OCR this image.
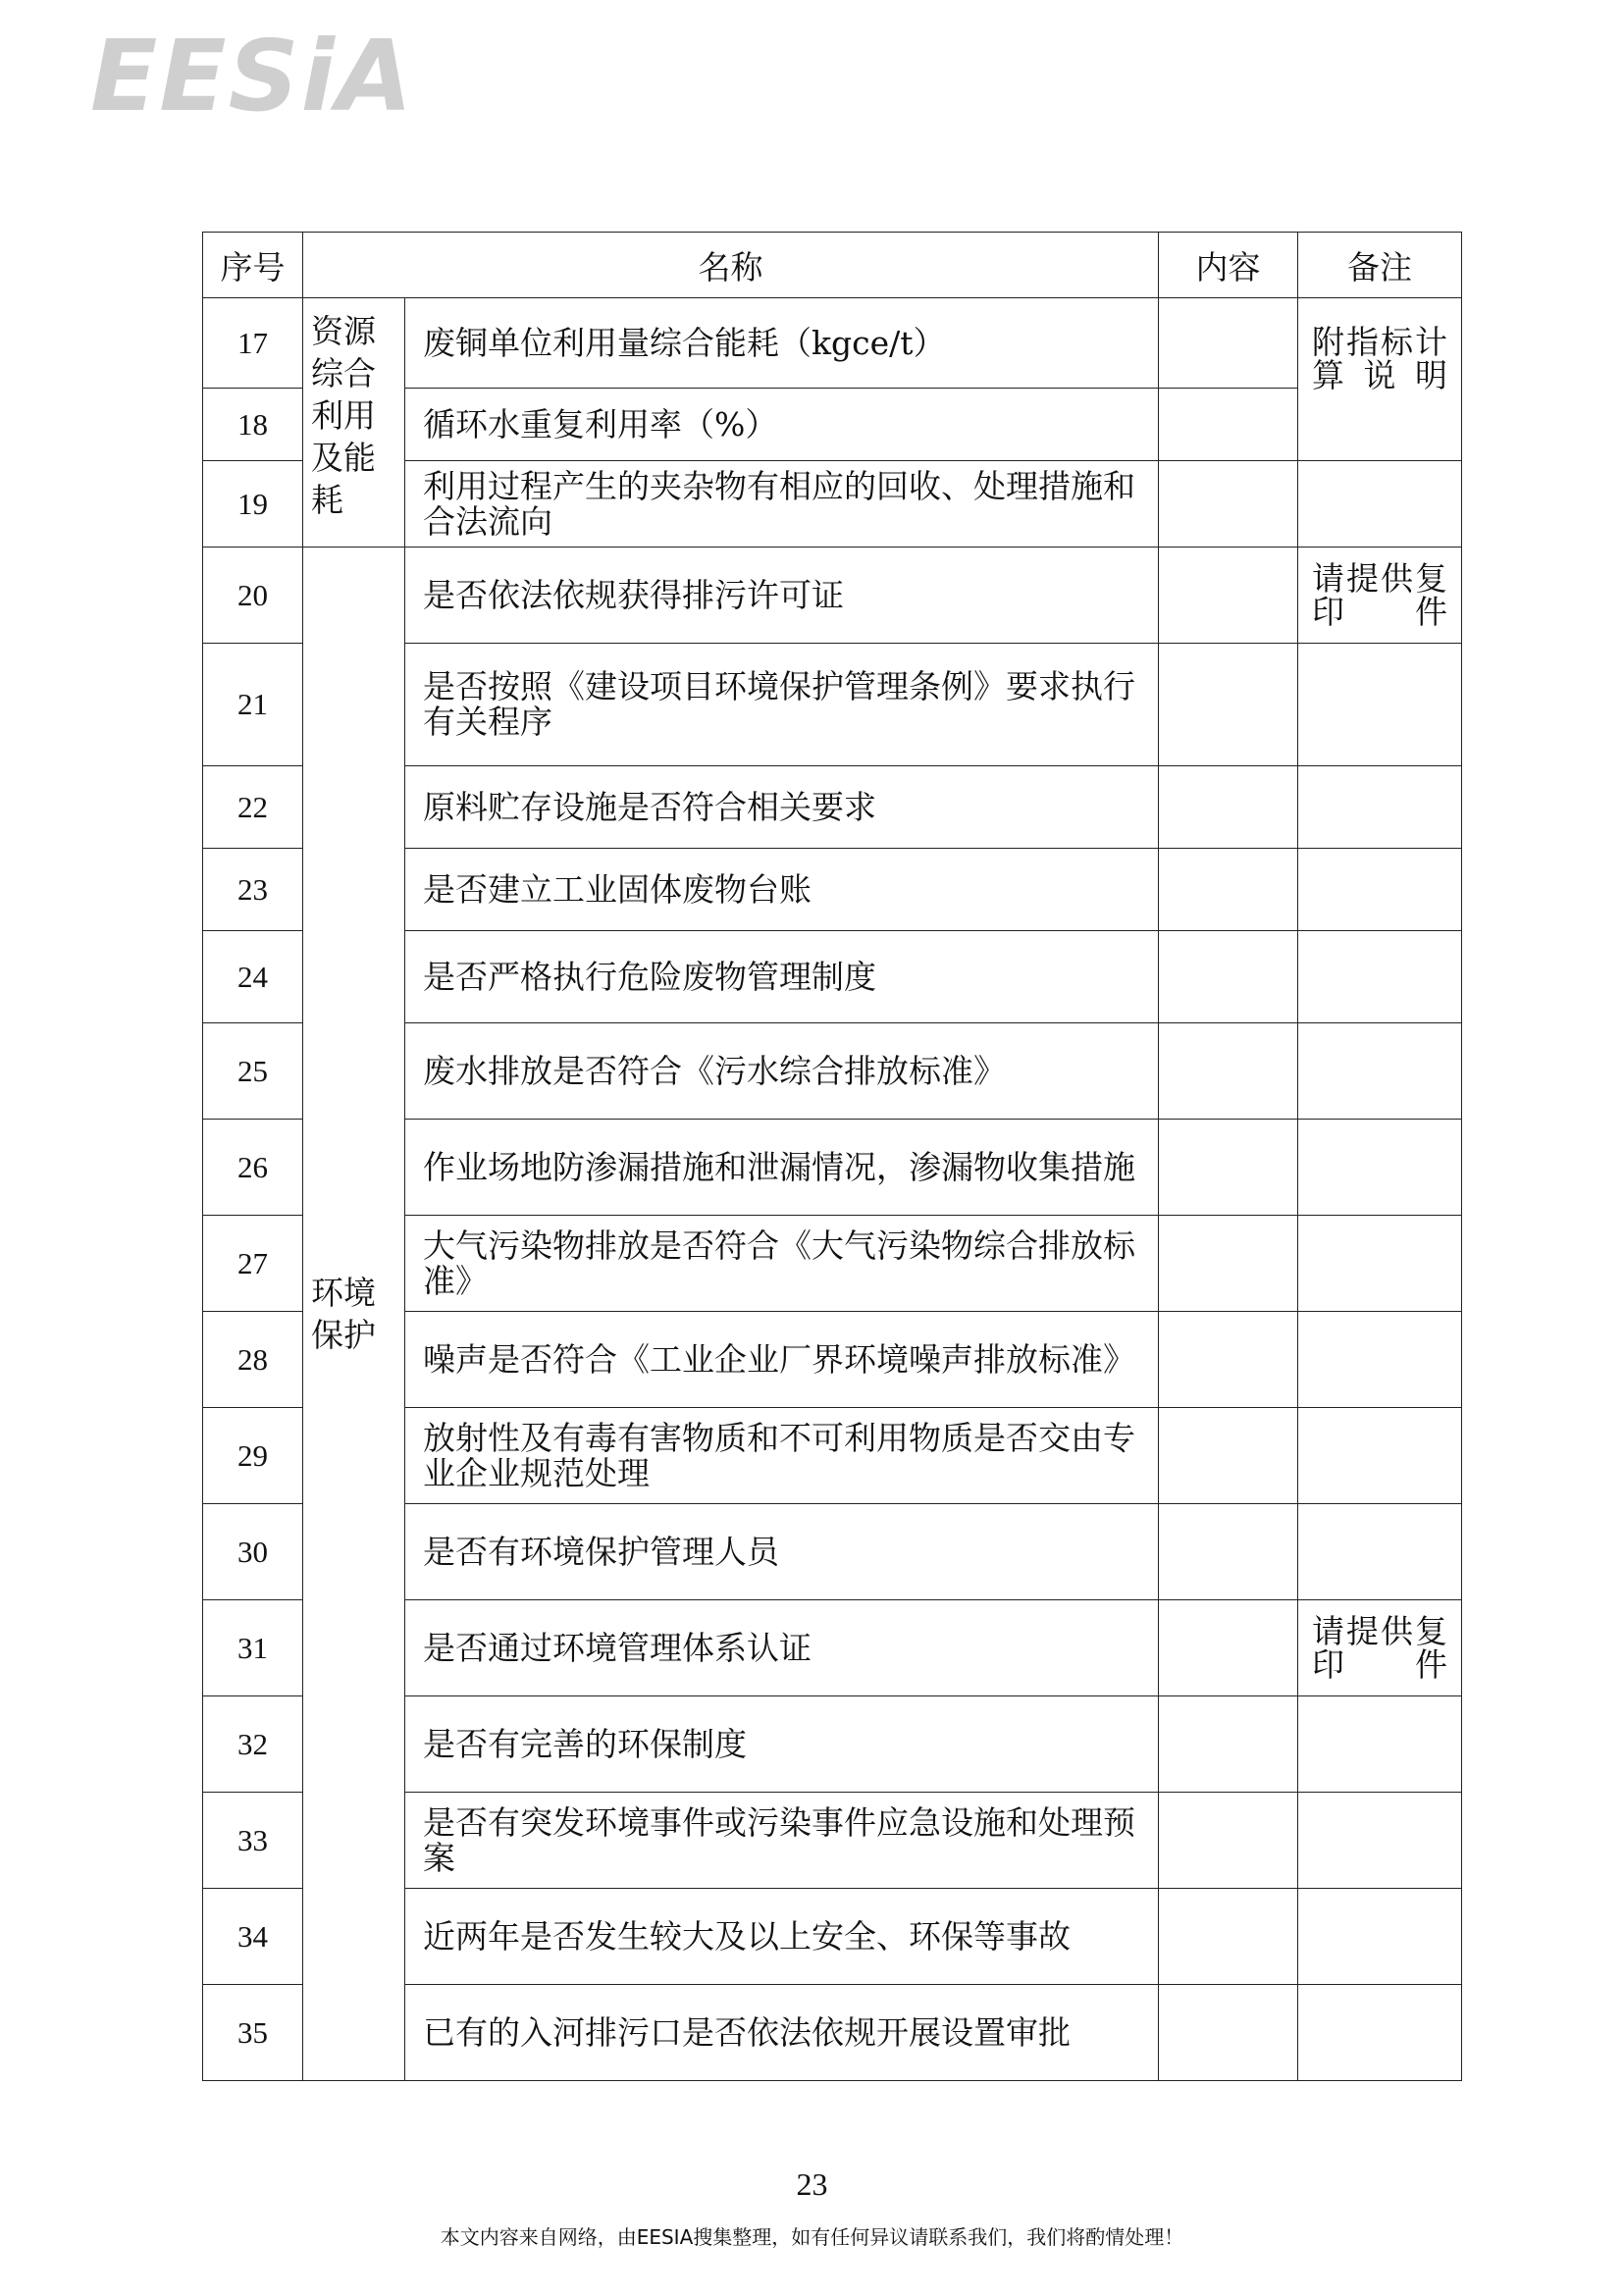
EESiA
序号	名称		内容	备注
17	资源综合利用及能耗	废铜单位利用量综合能耗（kgce/t）		附指标计算说明
18		循环水重复利用率（%）		
19		利用过程产生的夹杂物有相应的回收、处理措施和合法流向		
20	环境保护	是否依法依规获得排污许可证		请提供复印件
21		是否按照《建设项目环境保护管理条例》要求执行有关程序		
22		原料贮存设施是否符合相关要求		
23		是否建立工业固体废物台账		
24		是否严格执行危险废物管理制度		
25		废水排放是否符合《污水综合排放标准》		
26		作业场地防渗漏措施和泄漏情况，渗漏物收集措施		
27		大气污染物排放是否符合《大气污染物综合排放标准》		
28		噪声是否符合《工业企业厂界环境噪声排放标准》		
29		放射性及有毒有害物质和不可利用物质是否交由专业企业规范处理		
30		是否有环境保护管理人员		
31		是否通过环境管理体系认证		请提供复印件
32		是否有完善的环保制度		
33		是否有突发环境事件或污染事件应急设施和处理预案		
34		近两年是否发生较大及以上安全、环保等事故		
35		已有的入河排污口是否依法依规开展设置审批		
23
本文内容来自网络，由EESIA搜集整理，如有任何异议请联系我们，我们将酌情处理！
